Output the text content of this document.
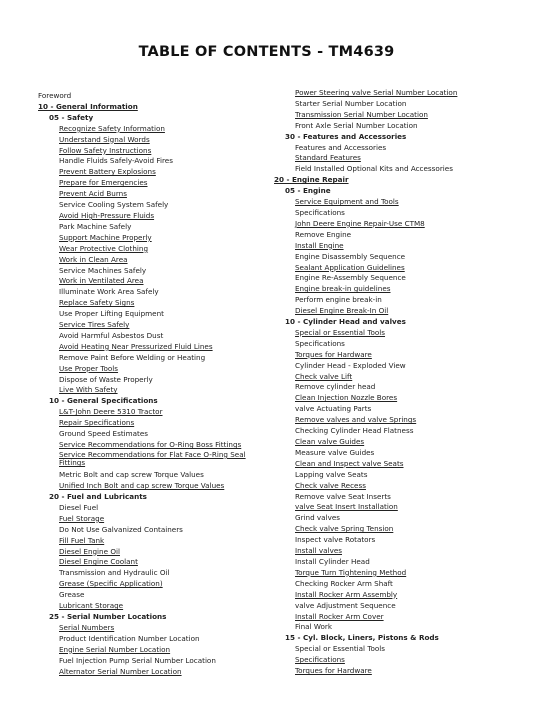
TABLE OF CONTENTS - TM4639
Foreword
10 - General Information
05 - Safety
Recognize Safety Information
Understand Signal Words
Follow Safety Instructions
Handle Fluids Safely-Avoid Fires
Prevent Battery Explosions
Prepare for Emergencies
Prevent Acid Burns
Service Cooling System Safely
Avoid High-Pressure Fluids
Park Machine Safely
Support Machine Properly
Wear Protective Clothing
Work in Clean Area
Service Machines Safely
Work in Ventilated Area
Illuminate Work Area Safely
Replace Safety Signs
Use Proper Lifting Equipment
Service Tires Safely
Avoid Harmful Asbestos Dust
Avoid Heating Near Pressurized Fluid Lines
Remove Paint Before Welding or Heating
Use Proper Tools
Dispose of Waste Properly
Live With Safety
10 - General Specifications
L&T-John Deere 5310 Tractor
Repair Specifications
Ground Speed Estimates
Service Recommendations for O-Ring Boss Fittings
Service Recommendations for Flat Face O-Ring Seal Fittings
Metric Bolt and cap screw Torque Values
Unified Inch Bolt and cap screw Torque Values
20 - Fuel and Lubricants
Diesel Fuel
Fuel Storage
Do Not Use Galvanized Containers
Fill Fuel Tank
Diesel Engine Oil
Diesel Engine Coolant
Transmission and Hydraulic Oil
Grease (Specific Application)
Grease
Lubricant Storage
25 - Serial Number Locations
Serial Numbers
Product Identification Number Location
Engine Serial Number Location
Fuel Injection Pump Serial Number Location
Alternator Serial Number Location
Power Steering valve Serial Number Location
Starter Serial Number Location
Transmission Serial Number Location
Front Axle Serial Number Location
30 - Features and Accessories
Features and Accessories
Standard Features
Field Installed Optional Kits and Accessories
20 - Engine Repair
05 - Engine
Service Equipment and Tools
Specifications
John Deere Engine Repair-Use CTM8
Remove Engine
Install Engine
Engine Disassembly Sequence
Sealant Application Guidelines
Engine Re-Assembly Sequence
Engine break-in guidelines
Perform engine break-in
Diesel Engine Break-In Oil
10 - Cylinder Head and valves
Special or Essential Tools
Specifications
Torques for Hardware
Cylinder Head - Exploded View
Check valve Lift
Remove cylinder head
Clean Injection Nozzle Bores
valve Actuating Parts
Remove valves and valve Springs
Checking Cylinder Head Flatness
Clean valve Guides
Measure valve Guides
Clean and Inspect valve Seats
Lapping valve Seats
Check valve Recess
Remove valve Seat Inserts
valve Seat Insert Installation
Grind valves
Check valve Spring Tension
Inspect valve Rotators
Install valves
Install Cylinder Head
Torque Turn Tightening Method
Checking Rocker Arm Shaft
Install Rocker Arm Assembly
valve Adjustment Sequence
Install Rocker Arm Cover
Final Work
15 - Cyl. Block, Liners, Pistons & Rods
Special or Essential Tools
Specifications
Torques for Hardware
